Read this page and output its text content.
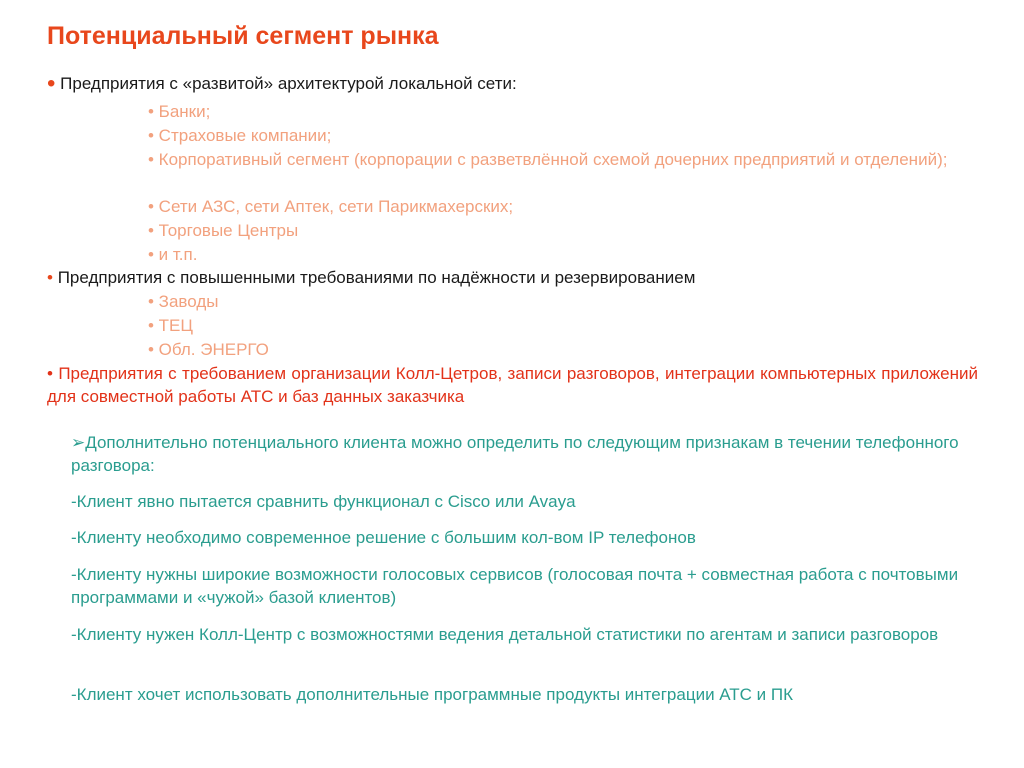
Потенциальный сегмент рынка
• Предприятия с «развитой» архитектурой локальной сети:
• Банки;
• Страховые компании;
• Корпоративный сегмент (корпорации с разветвлённой схемой дочерних предприятий и отделений);
• Сети АЗС, сети Аптек, сети Парикмахерских;
• Торговые Центры
• и т.п.
• Предприятия с повышенными требованиями по надёжности и резервированием
• Заводы
• ТЕЦ
• Обл. ЭНЕРГО
• Предприятия с требованием организации Колл-Цетров, записи разговоров, интеграции компьютерных приложений для совместной работы АТС и баз данных заказчика
➢Дополнительно потенциального клиента можно определить по следующим признакам в течении телефонного разговора:
-Клиент явно пытается сравнить функционал с Cisco или Avaya
-Клиенту необходимо современное решение с большим кол-вом IP телефонов
-Клиенту нужны широкие возможности голосовых сервисов (голосовая почта + совместная работа с почтовыми программами и «чужой» базой клиентов)
-Клиенту нужен Колл-Центр с возможностями ведения детальной статистики по агентам и записи разговоров
-Клиент хочет использовать дополнительные программные продукты интеграции АТС и ПК
